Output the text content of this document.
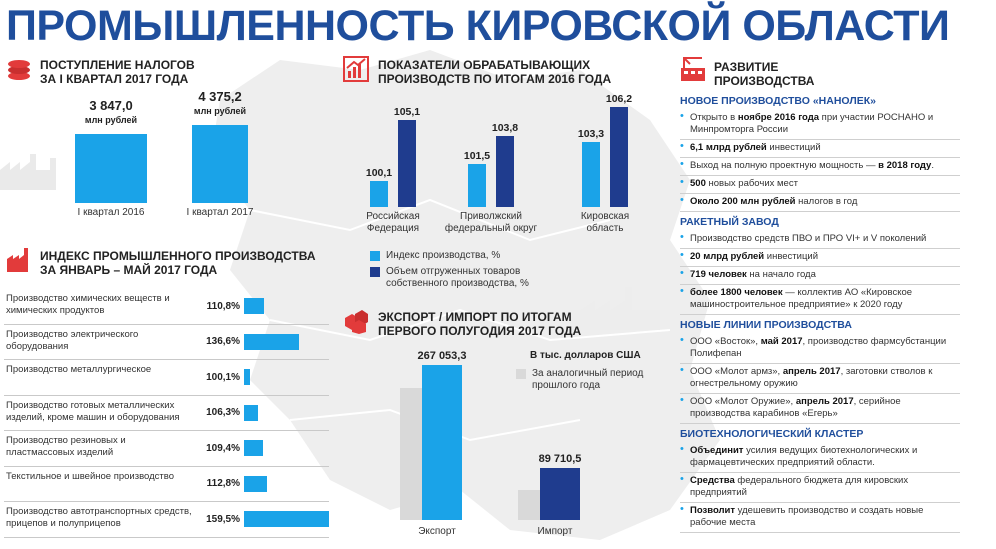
ПРОМЫШЛЕННОСТЬ КИРОВСКОЙ ОБЛАСТИ
ПОСТУПЛЕНИЕ НАЛОГОВ
ЗА I КВАРТАЛ 2017 ГОДА
3 847,0
млн рублей
I квартал 2016
4 375,2
млн рублей
I квартал 2017
ПОКАЗАТЕЛИ ОБРАБАТЫВАЮЩИХ
ПРОИЗВОДСТВ ПО ИТОГАМ 2016 ГОДА
100,1
105,1
Российская
Федерация
101,5
103,8
Приволжский
федеральный округ
103,3
106,2
Кировская
область
Индекс производства, %
Объем отгруженных товаров собственного производства, %
ИНДЕКС ПРОМЫШЛЕННОГО ПРОИЗВОДСТВА
ЗА ЯНВАРЬ – МАЙ 2017 ГОДА
Производство химических веществ и химических продуктов	110,8%
Производство электрического оборудования	136,6%
Производство металлургическое
100,1%
Производство готовых металлических изделий, кроме машин и оборудования	106,3%
Производство резиновых и пластмассовых изделий	109,4%
Текстильное и швейное производство
112,8%
Производство автотранспортных средств, прицепов и полуприцепов	159,5%
ЭКСПОРТ / ИМПОРТ ПО ИТОГАМ
ПЕРВОГО ПОЛУГОДИЯ 2017 ГОДА
В тыс. долларов США
За аналогичный период прошлого года
267 053,3
Экспорт
89 710,5
Импорт
РАЗВИТИЕ
ПРОИЗВОДСТВА
НОВОЕ ПРОИЗВОДСТВО «НАНОЛЕК»
• Открыто в ноябре 2016 года при участии РОСНАНО и Минпромторга России
• 6,1 млрд рублей инвестиций
• Выход на полную проектную мощность — в 2018 году.
• 500 новых рабочих мест
• Около 200 млн рублей налогов в год
РАКЕТНЫЙ ЗАВОД
• Производство средств ПВО и ПРО VI+ и V поколений
• 20 млрд рублей инвестиций
• 719 человек на начало года
• более 1800 человек — коллектив АО «Кировское машиностроительное предприятие» к 2020 году
НОВЫЕ ЛИНИИ ПРОИЗВОДСТВА
• ООО «Восток», май 2017, производство фармсубстанции Полифепан
• ООО «Молот армз», апрель 2017, заготовки стволов к огнестрельному оружию
• ООО «Молот Оружие», апрель 2017, серийное производства карабинов «Егерь»
БИОТЕХНОЛОГИЧЕСКИЙ КЛАСТЕР
• Объединит усилия ведущих биотехнологических и фармацевтических предприятий области.
• Средства федерального бюджета для кировских предприятий
• Позволит удешевить производство и создать новые рабочие места
